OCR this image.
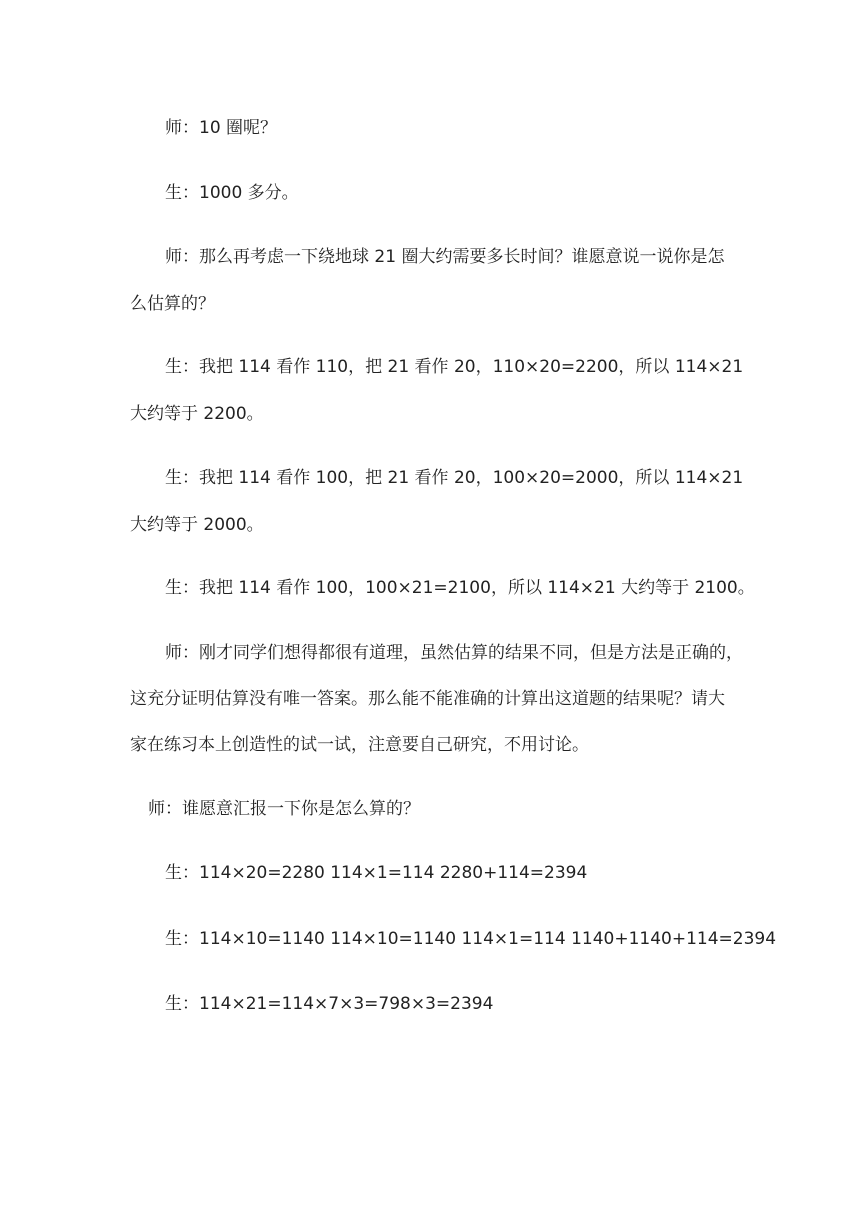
师：10 圈呢？
生：1000 多分。
师：那么再考虑一下绕地球 21 圈大约需要多长时间？谁愿意说一说你是怎
么估算的？
生：我把 114 看作 110，把 21 看作 20，110×20=2200，所以 114×21
大约等于 2200。
生：我把 114 看作 100，把 21 看作 20，100×20=2000，所以 114×21
大约等于 2000。
生：我把 114 看作 100，100×21=2100，所以 114×21 大约等于 2100。
师：刚才同学们想得都很有道理，虽然估算的结果不同，但是方法是正确的，
这充分证明估算没有唯一答案。那么能不能准确的计算出这道题的结果呢？请大
家在练习本上创造性的试一试，注意要自己研究，不用讨论。
师：谁愿意汇报一下你是怎么算的？
生：114×20=2280 114×1=114 2280+114=2394
生：114×10=1140 114×10=1140 114×1=114 1140+1140+114=2394
生：114×21=114×7×3=798×3=2394
